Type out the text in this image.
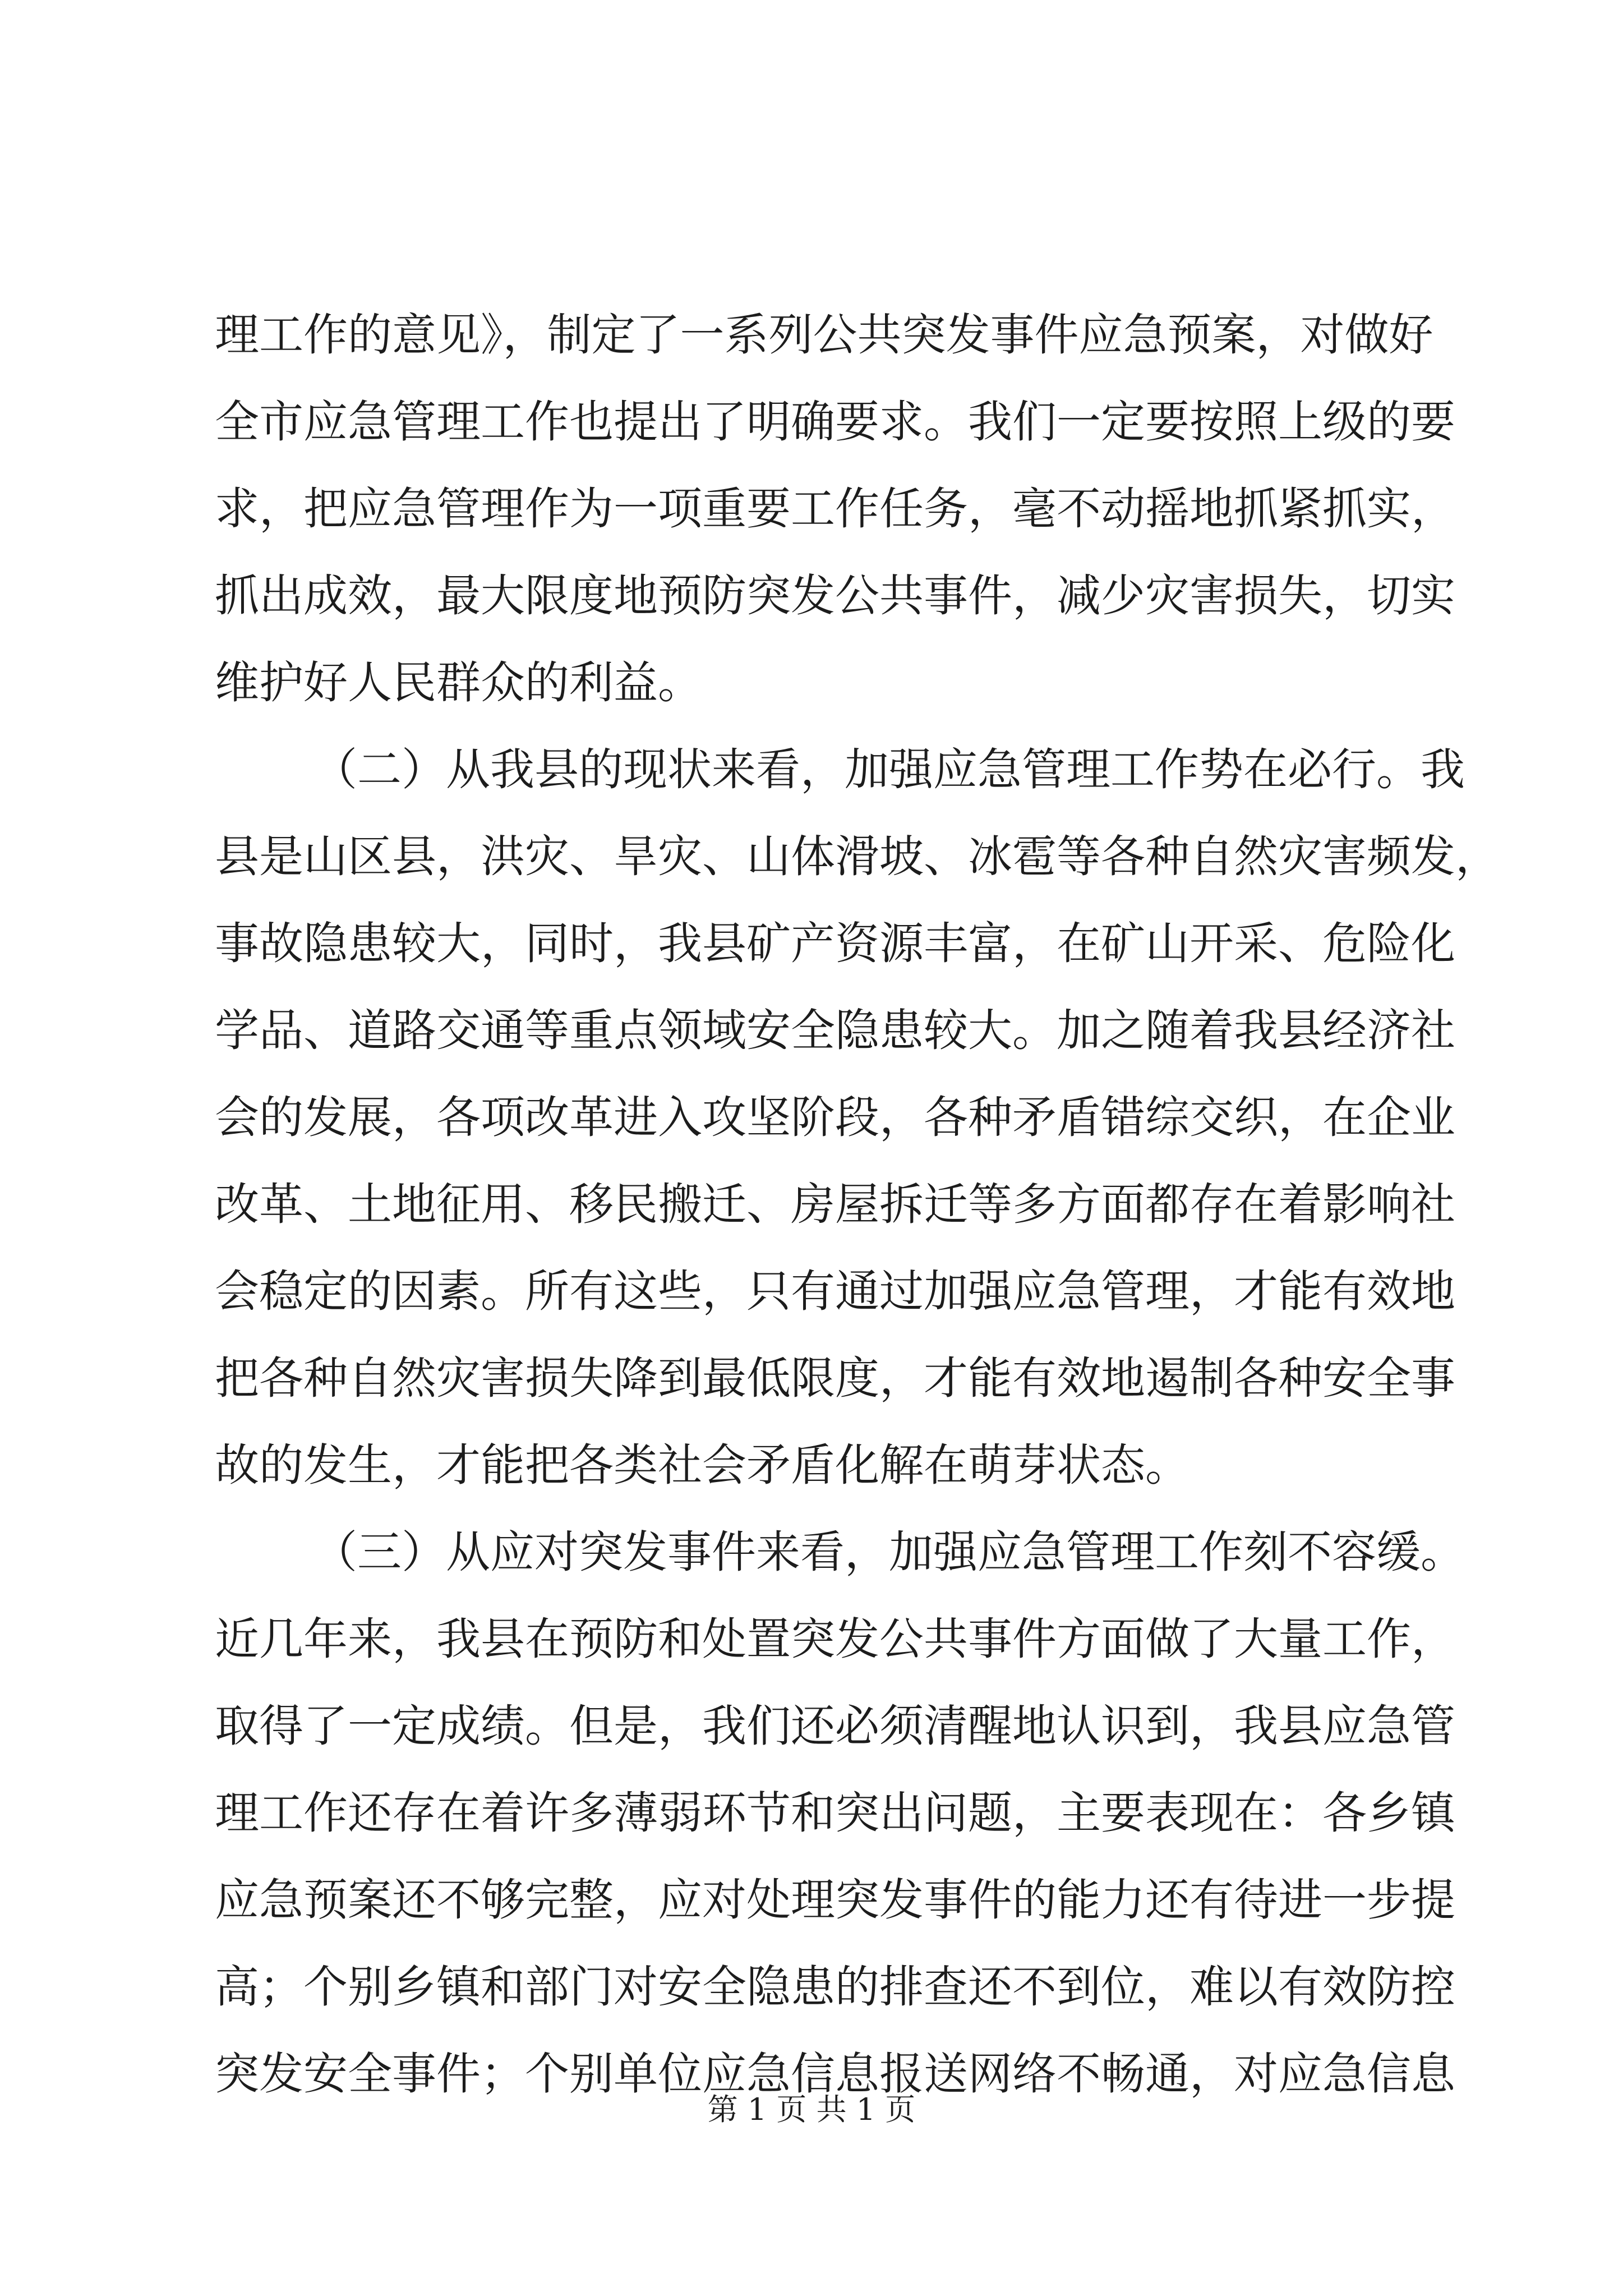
理工作的意见》，制定了一系列公共突发事件应急预案，对做好
全市应急管理工作也提出了明确要求。我们一定要按照上级的要
求，把应急管理作为一项重要工作任务，毫不动摇地抓紧抓实，
抓出成效，最大限度地预防突发公共事件，减少灾害损失，切实
维护好人民群众的利益。
（二）从我县的现状来看，加强应急管理工作势在必行。我
县是山区县，洪灾、旱灾、山体滑坡、冰雹等各种自然灾害频发，
事故隐患较大，同时，我县矿产资源丰富，在矿山开采、危险化
学品、道路交通等重点领域安全隐患较大。加之随着我县经济社
会的发展，各项改革进入攻坚阶段，各种矛盾错综交织，在企业
改革、土地征用、移民搬迁、房屋拆迁等多方面都存在着影响社
会稳定的因素。所有这些，只有通过加强应急管理，才能有效地
把各种自然灾害损失降到最低限度，才能有效地遏制各种安全事
故的发生，才能把各类社会矛盾化解在萌芽状态。
（三）从应对突发事件来看，加强应急管理工作刻不容缓。
近几年来，我县在预防和处置突发公共事件方面做了大量工作，
取得了一定成绩。但是，我们还必须清醒地认识到，我县应急管
理工作还存在着许多薄弱环节和突出问题，主要表现在：各乡镇
应急预案还不够完整，应对处理突发事件的能力还有待进一步提
高；个别乡镇和部门对安全隐患的排查还不到位，难以有效防控
突发安全事件；个别单位应急信息报送网络不畅通，对应急信息
第 1 页 共 1 页
